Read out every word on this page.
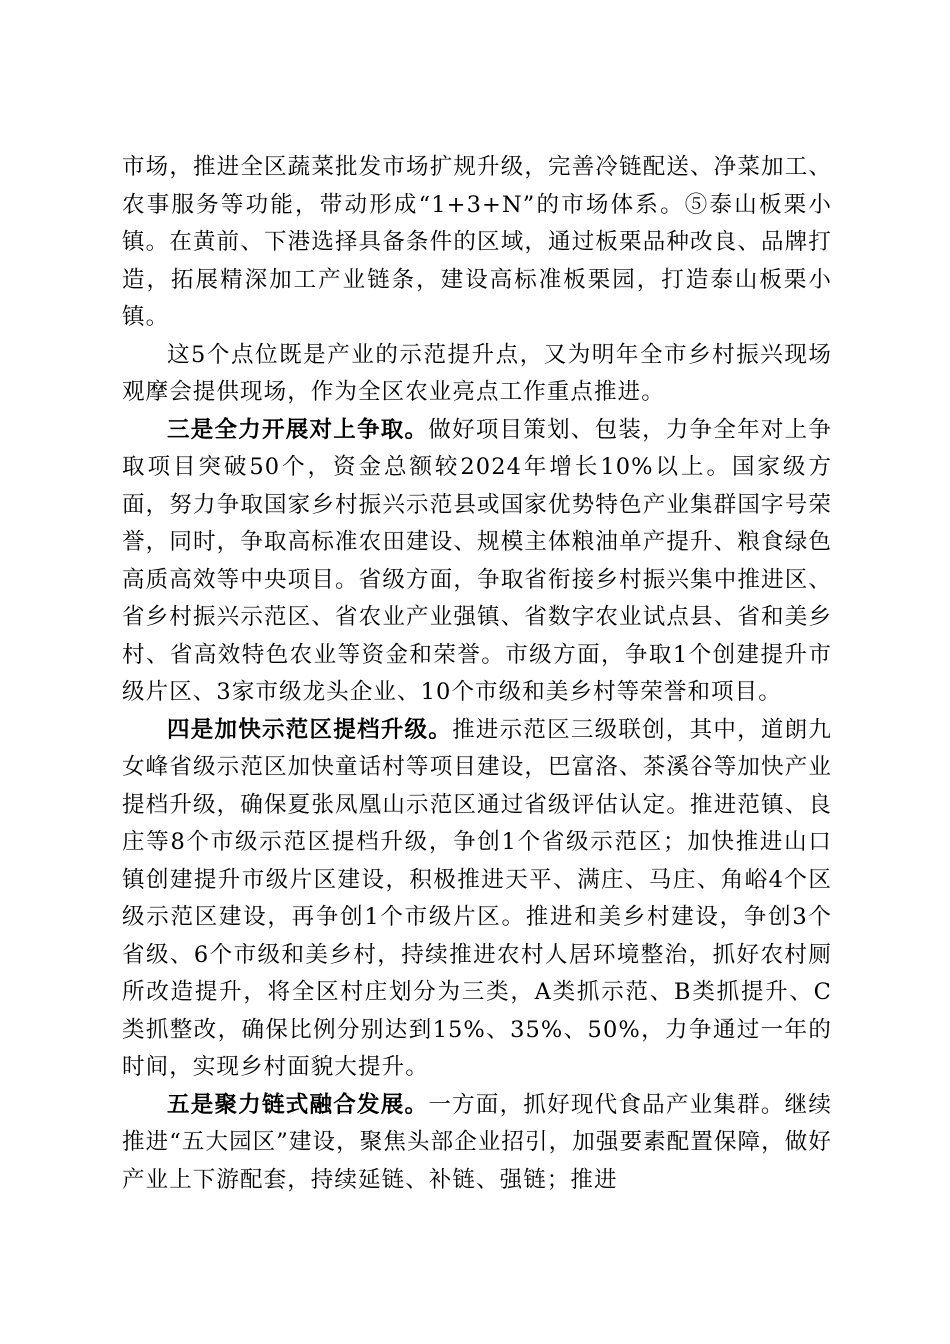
市场，推进全区蔬菜批发市场扩规升级，完善冷链配送、净菜加工、农事服务等功能，带动形成“1+3+N”的市场体系。⑤泰山板栗小镇。在黄前、下港选择具备条件的区域，通过板栗品种改良、品牌打造，拓展精深加工产业链条，建设高标准板栗园，打造泰山板栗小镇。

这5个点位既是产业的示范提升点，又为明年全市乡村振兴现场观摩会提供现场，作为全区农业亮点工作重点推进。

三是全力开展对上争取。做好项目策划、包装，力争全年对上争取项目突破50个，资金总额较2024年增长10%以上。国家级方面，努力争取国家乡村振兴示范县或国家优势特色产业集群国字号荣誉，同时，争取高标准农田建设、规模主体粮油单产提升、粮食绿色高质高效等中央项目。省级方面，争取省衔接乡村振兴集中推进区、省乡村振兴示范区、省农业产业强镇、省数字农业试点县、省和美乡村、省高效特色农业等资金和荣誉。市级方面，争取1个创建提升市级片区、3家市级龙头企业、10个市级和美乡村等荣誉和项目。

四是加快示范区提档升级。推进示范区三级联创，其中，道朗九女峰省级示范区加快童话村等项目建设，巴富洛、茶溪谷等加快产业提档升级，确保夏张凤凰山示范区通过省级评估认定。推进范镇、良庄等8个市级示范区提档升级，争创1个省级示范区；加快推进山口镇创建提升市级片区建设，积极推进天平、满庄、马庄、角峪4个区级示范区建设，再争创1个市级片区。推进和美乡村建设，争创3个省级、6个市级和美乡村，持续推进农村人居环境整治，抓好农村厕所改造提升，将全区村庄划分为三类，A类抓示范、B类抓提升、C类抓整改，确保比例分别达到15%、35%、50%，力争通过一年的时间，实现乡村面貌大提升。

五是聚力链式融合发展。一方面，抓好现代食品产业集群。继续推进“五大园区”建设，聚焦头部企业招引，加强要素配置保障，做好产业上下游配套，持续延链、补链、强链；推进
